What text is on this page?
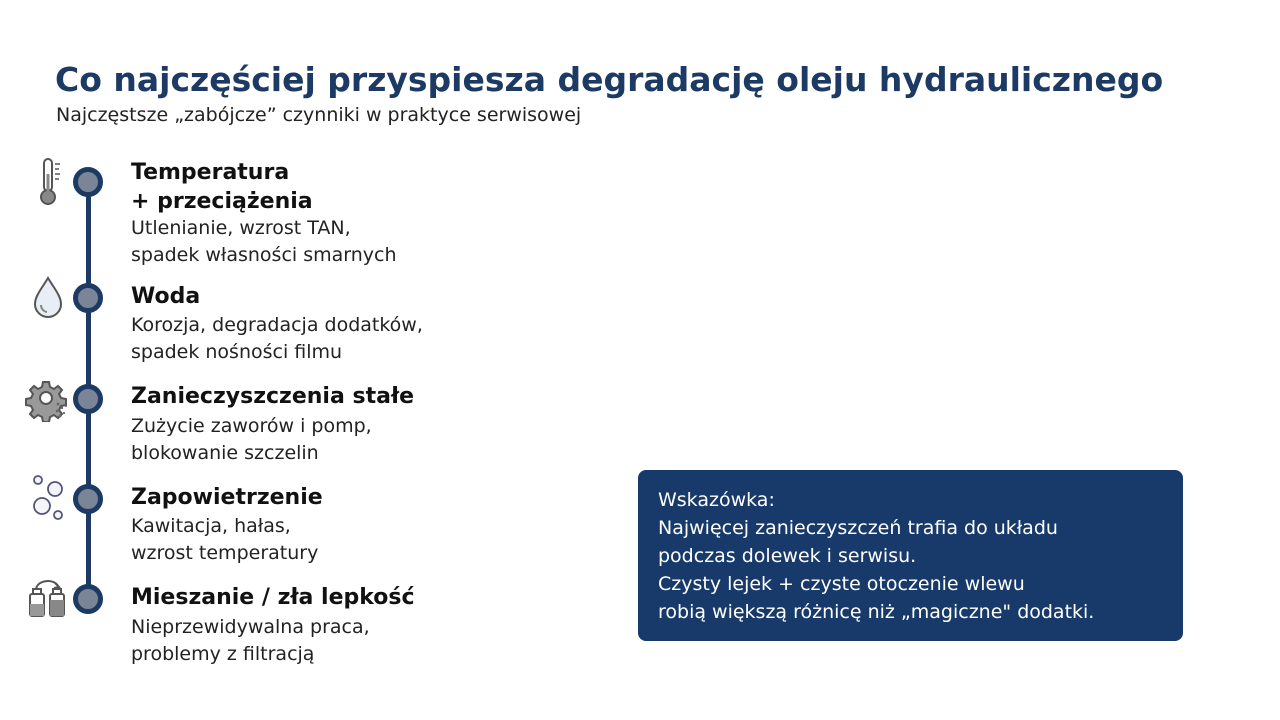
Co najczęściej przyspiesza degradację oleju hydraulicznego
Najczęstsze „zabójcze” czynniki w praktyce serwisowej
Temperatura
+ przeciążenia
Utlenianie, wzrost TAN,
spadek własności smarnych
Woda
Korozja, degradacja dodatków,
spadek nośności filmu
Zanieczyszczenia stałe
Zużycie zaworów i pomp,
blokowanie szczelin
Zapowietrzenie
Kawitacja, hałas,
wzrost temperatury
Mieszanie / zła lepkość
Nieprzewidywalna praca,
problemy z filtracją
Wskazówka:
Najwięcej zanieczyszczeń trafia do układu
podczas dolewek i serwisu.
Czysty lejek + czyste otoczenie wlewu
robią większą różnicę niż „magiczne" dodatki.
